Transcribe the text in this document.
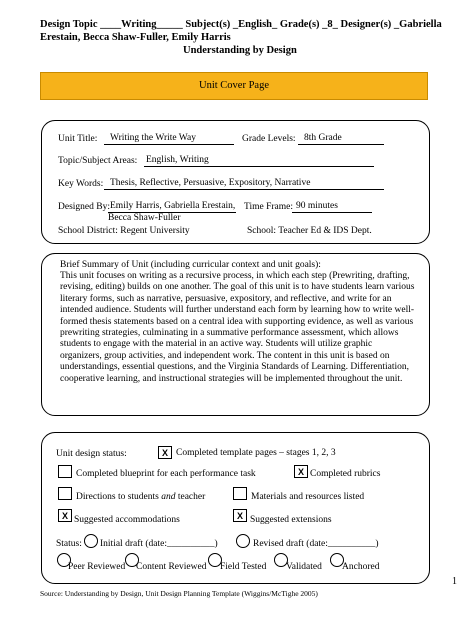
Design Topic ____Writing_____ Subject(s) _English_ Grade(s) _8_ Designer(s) _Gabriella
Erestain, Becca Shaw-Fuller, Emily Harris
Understanding by Design
Unit Cover Page
Unit Title:	Writing the Write Way	Grade Levels: 8th Grade
Topic/Subject Areas: English, Writing
Key Words: Thesis, Reflective, Persuasive, Expository, Narrative
Designed By: Emily Harris, Gabriella Erestain,
Becca Shaw-Fuller
Time Frame: 90 minutes
School District: Regent University	School: Teacher Ed & IDS Dept.
Brief Summary of Unit (including curricular context and unit goals):
This unit focuses on writing as a recursive process, in which each step (Prewriting, drafting, revising, editing) builds on one another. The goal of this unit is to have students learn various literary forms, such as narrative, persuasive, expository, and reflective, and write for an intended audience. Students will further understand each form by learning how to write well-formed thesis statements based on a central idea with supporting evidence, as well as various prewriting strategies, culminating in a summative performance assessment, which allows students to engage with the material in an active way. Students will utilize graphic organizers, group activities, and independent work. The content in this unit is based on understandings, essential questions, and the Virginia Standards of Learning. Differentiation, cooperative learning, and instructional strategies will be implemented throughout the unit.
Unit design status:	X Completed template pages – stages 1, 2, 3
Completed blueprint for each performance task	X Completed rubrics
Directions to students and teacher	Materials and resources listed
X Suggested accommodations	X Suggested extensions
Status: Initial draft (date:__________)	Revised draft (date:__________)
Peer Reviewed Content Reviewed Field Tested Validated Anchored
Source: Understanding by Design, Unit Design Planning Template (Wiggins/McTighe 2005)
1
